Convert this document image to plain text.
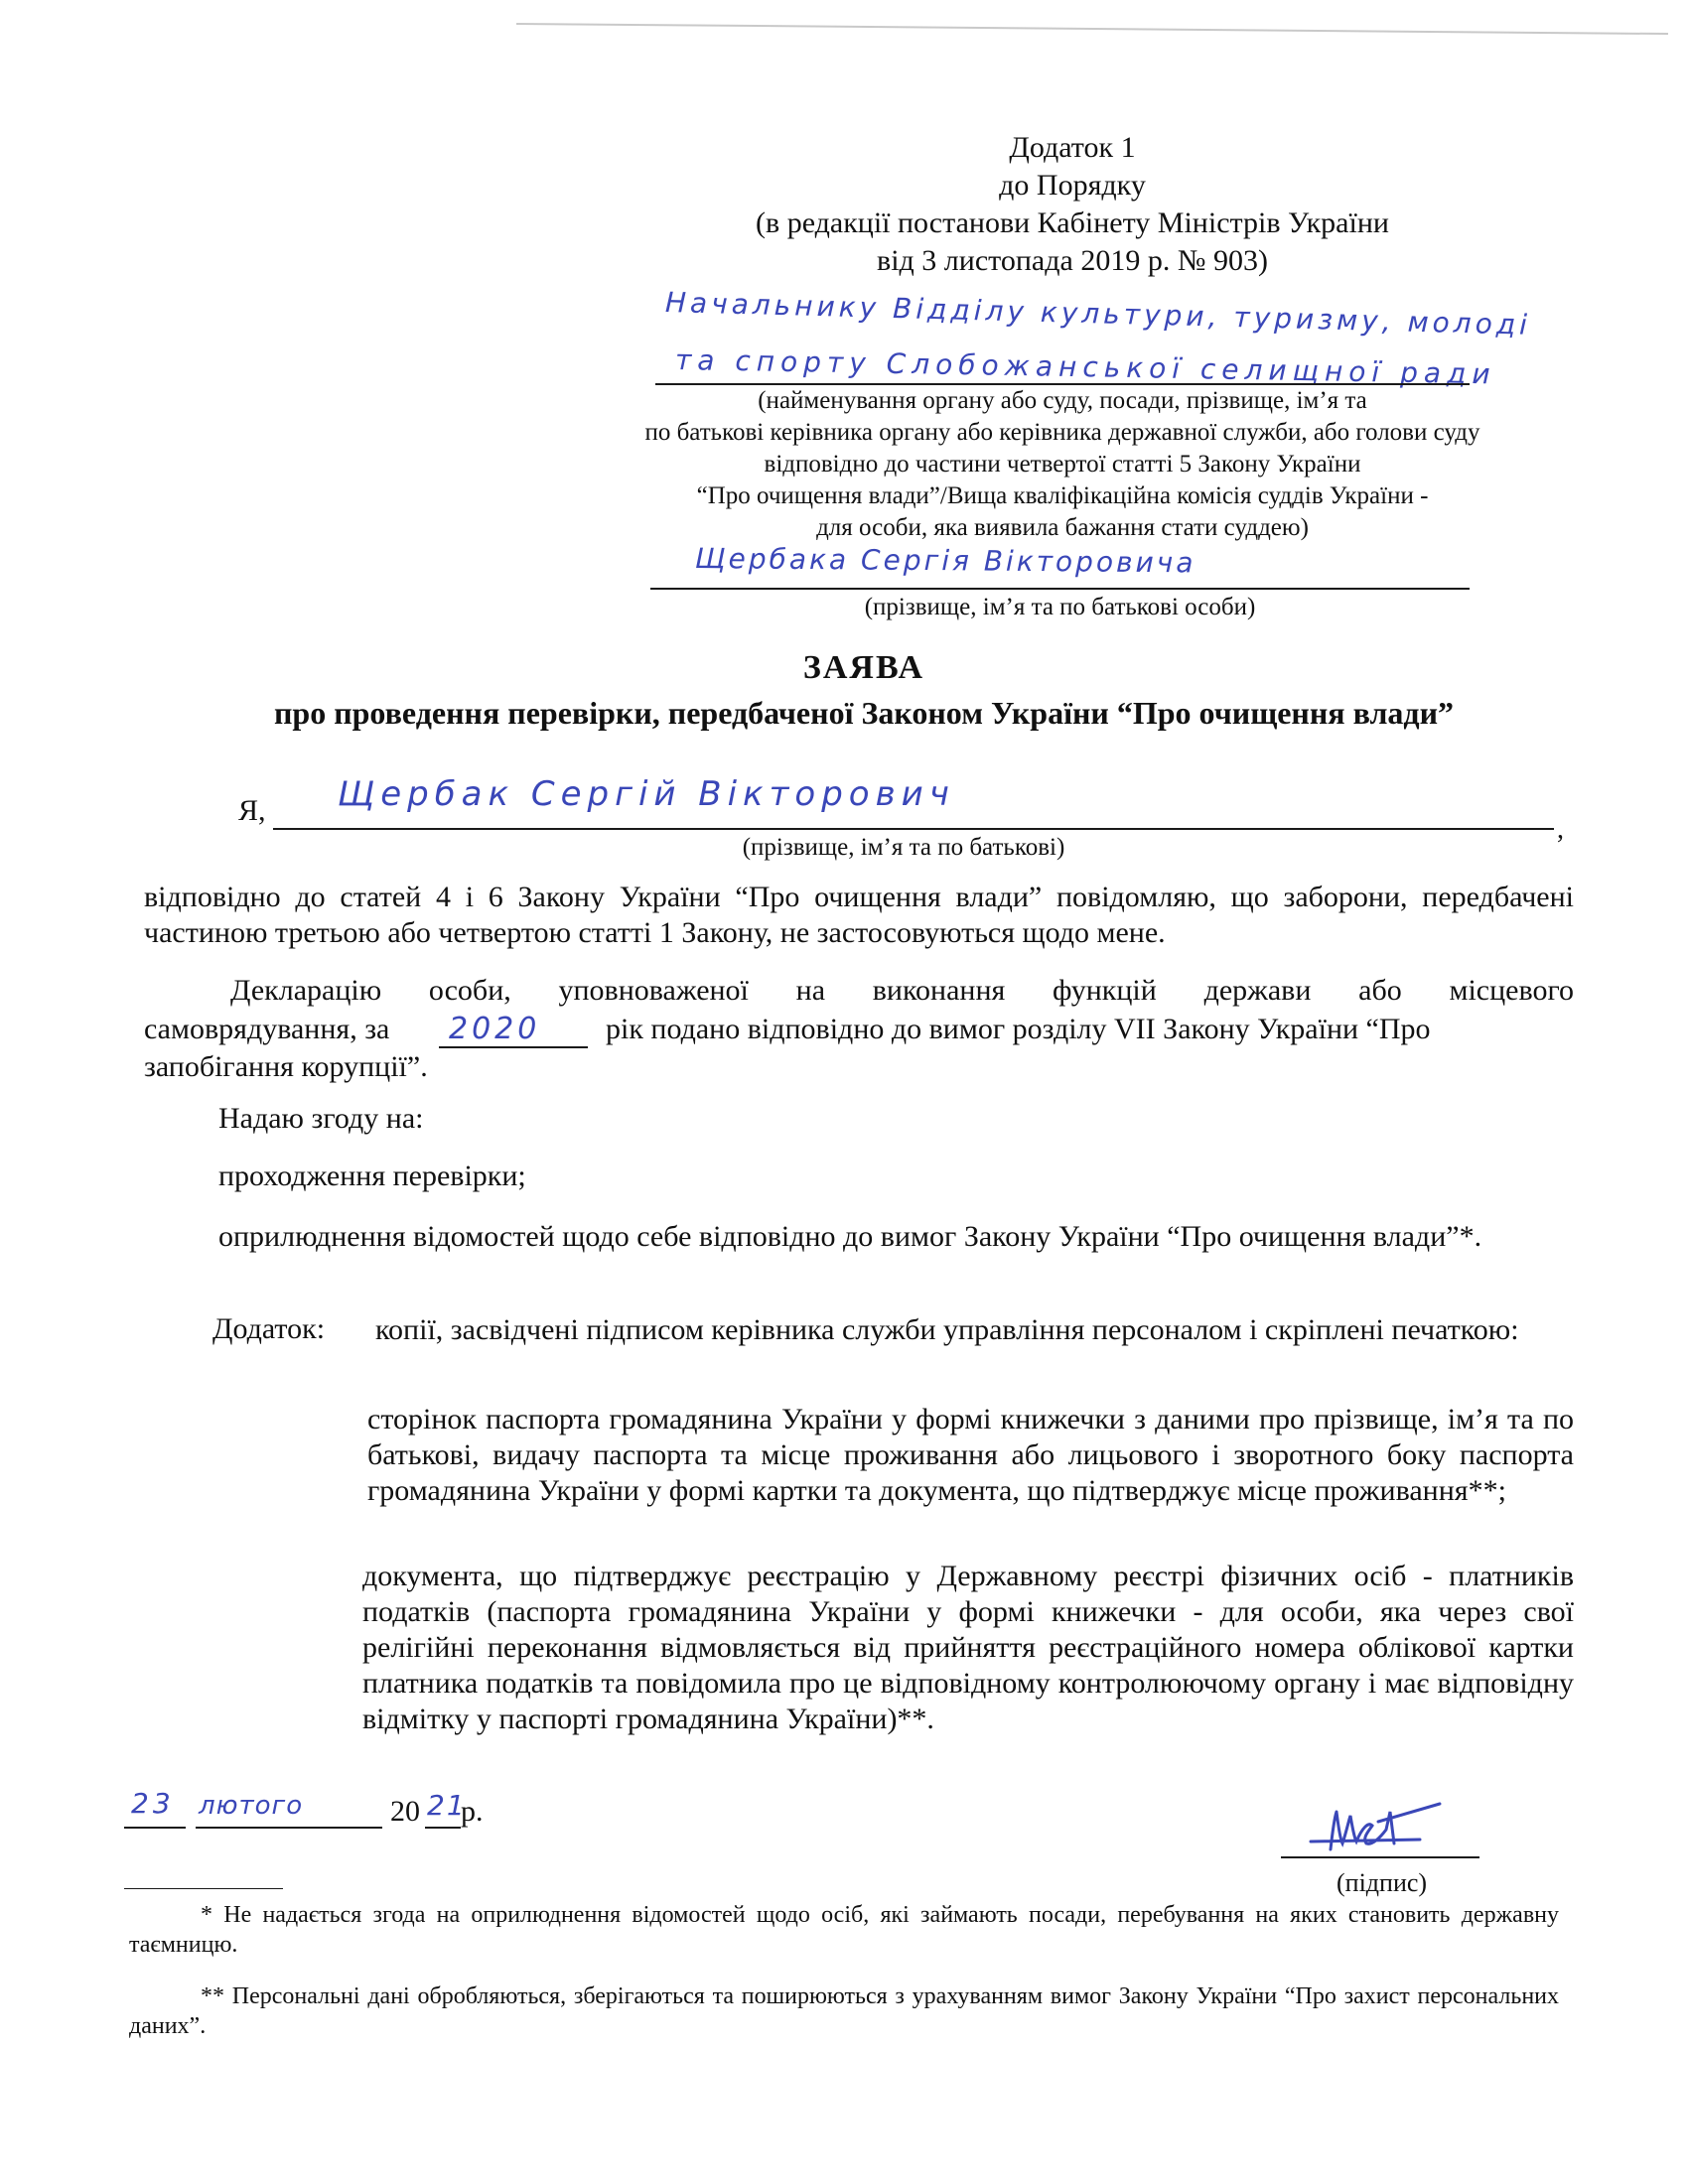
Додаток 1
до Порядку
(в редакції постанови Кабінету Міністрів України
від 3 листопада 2019 р. № 903)
Начальнику Відділу культури, туризму, молоді
та спорту Слобожанської селищної ради
(найменування органу або суду, посади, прізвище, ім’я та
по батькові керівника органу або керівника державної служби, або голови суду
відповідно до частини четвертої статті 5 Закону України
“Про очищення влади”/Вища кваліфікаційна комісія суддів України -
для особи, яка виявила бажання стати суддею)
Щербака Сергія Вікторовича
(прізвище, ім’я та по батькові особи)
ЗАЯВА
про проведення перевірки, передбаченої Законом України “Про очищення влади”
Я, Щербак Сергій Вікторович
,
(прізвище, ім’я та по батькові)
відповідно до статей 4 і 6 Закону України “Про очищення влади” повідомляю, що заборони, передбачені частиною третьою або четвертою статті 1 Закону, не застосовуються щодо мене.
Декларацію особи, уповноваженої на виконання функцій держави або місцевого
самоврядування, за 2020 рік подано відповідно до вимог розділу VII Закону України “Про
запобігання корупції”.
Надаю згоду на:
проходження перевірки;
оприлюднення відомостей щодо себе відповідно до вимог Закону України “Про очищення влади”*.
Додаток: копії, засвідчені підписом керівника служби управління персоналом і скріплені печаткою:
сторінок паспорта громадянина України у формі книжечки з даними про прізвище, ім’я та по батькові, видачу паспорта та місце проживання або лицьового і зворотного боку паспорта громадянина України у формі картки та документа, що підтверджує місце проживання**;
документа, що підтверджує реєстрацію у Державному реєстрі фізичних осіб - платників податків (паспорта громадянина України у формі книжечки - для особи, яка через свої релігійні переконання відмовляється від прийняття реєстраційного номера облікової картки платника податків та повідомила про це відповідному контролюючому органу і має відповідну відмітку у паспорті громадянина України)**.
23 лютого	20 21
р.
(підпис)
* Не надається згода на оприлюднення відомостей щодо осіб, які займають посади, перебування на яких становить державну таємницю.
** Персональні дані обробляються, зберігаються та поширюються з урахуванням вимог Закону України “Про захист персональних даних”.
